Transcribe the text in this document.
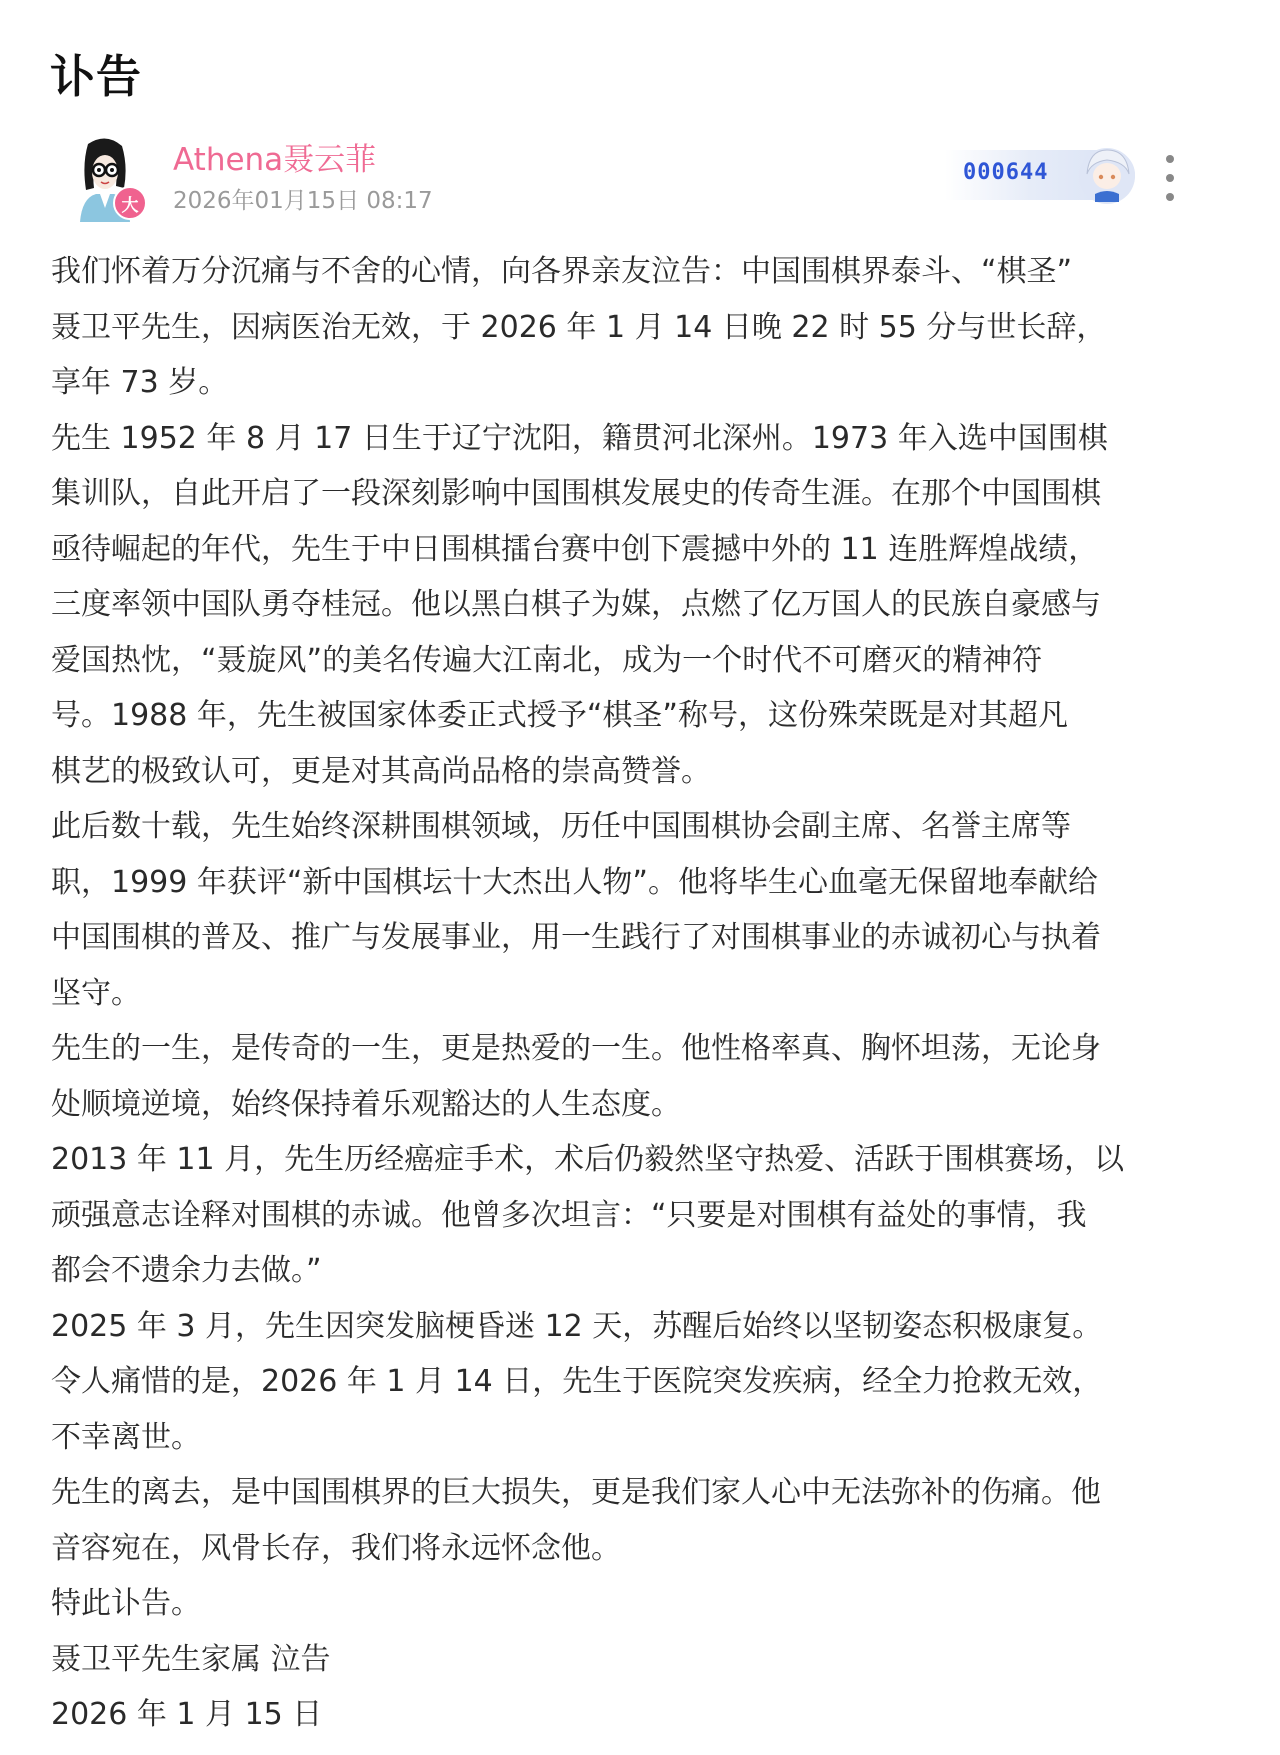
讣告
大
Athena聂云菲
2026年01月15日 08:17
000644

我们怀着万分沉痛与不舍的心情，向各界亲友泣告：中国围棋界泰斗、“棋圣”

聂卫平先生，因病医治无效，于 2026 年 1 月 14 日晚 22 时 55 分与世长辞，

享年 73 岁。

先生 1952 年 8 月 17 日生于辽宁沈阳，籍贯河北深州。1973 年入选中国围棋

集训队，自此开启了一段深刻影响中国围棋发展史的传奇生涯。在那个中国围棋

亟待崛起的年代，先生于中日围棋擂台赛中创下震撼中外的 11 连胜辉煌战绩，

三度率领中国队勇夺桂冠。他以黑白棋子为媒，点燃了亿万国人的民族自豪感与

爱国热忱，“聂旋风”的美名传遍大江南北，成为一个时代不可磨灭的精神符

号。1988 年，先生被国家体委正式授予“棋圣”称号，这份殊荣既是对其超凡

棋艺的极致认可，更是对其高尚品格的崇高赞誉。

此后数十载，先生始终深耕围棋领域，历任中国围棋协会副主席、名誉主席等

职，1999 年获评“新中国棋坛十大杰出人物”。他将毕生心血毫无保留地奉献给

中国围棋的普及、推广与发展事业，用一生践行了对围棋事业的赤诚初心与执着

坚守。

先生的一生，是传奇的一生，更是热爱的一生。他性格率真、胸怀坦荡，无论身

处顺境逆境，始终保持着乐观豁达的人生态度。

2013 年 11 月，先生历经癌症手术，术后仍毅然坚守热爱、活跃于围棋赛场，以

顽强意志诠释对围棋的赤诚。他曾多次坦言：“只要是对围棋有益处的事情，我

都会不遗余力去做。”

2025 年 3 月，先生因突发脑梗昏迷 12 天，苏醒后始终以坚韧姿态积极康复。

令人痛惜的是，2026 年 1 月 14 日，先生于医院突发疾病，经全力抢救无效，

不幸离世。

先生的离去，是中国围棋界的巨大损失，更是我们家人心中无法弥补的伤痛。他

音容宛在，风骨长存，我们将永远怀念他。

特此讣告。

聂卫平先生家属 泣告

2026 年 1 月 15 日
